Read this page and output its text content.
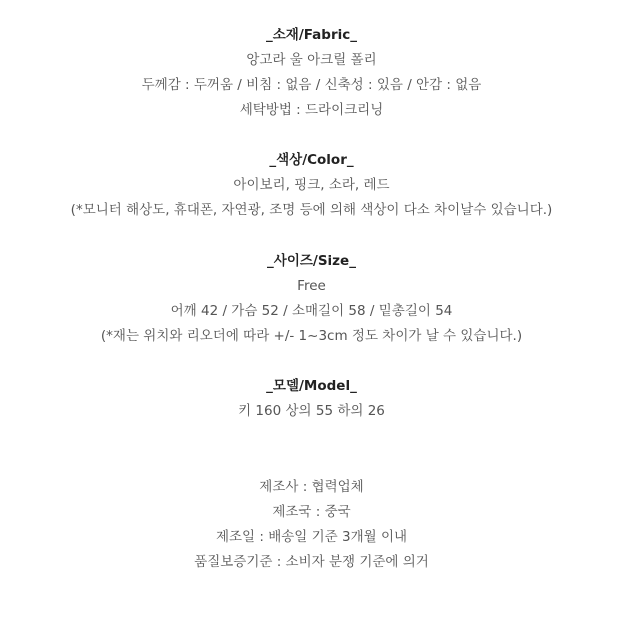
_소재/Fabric_
앙고라 울 아크릴 폴리
두께감 : 두꺼움 / 비침 : 없음 / 신축성 : 있음 / 안감 : 없음
세탁방법 : 드라이크리닝
_색상/Color_
아이보리, 핑크, 소라, 레드
(*모니터 해상도, 휴대폰, 자연광, 조명 등에 의해 색상이 다소 차이날수 있습니다.)
_사이즈/Size_
Free
어깨 42 / 가슴 52 / 소매길이 58 / 밑총길이 54
(*재는 위치와 리오더에 따라 +/- 1~3cm 정도 차이가 날 수 있습니다.)
_모델/Model_
키 160 상의 55 하의 26
제조사 : 협력업체
제조국 : 중국
제조일 : 배송일 기준 3개월 이내
품질보증기준 : 소비자 분쟁 기준에 의거
